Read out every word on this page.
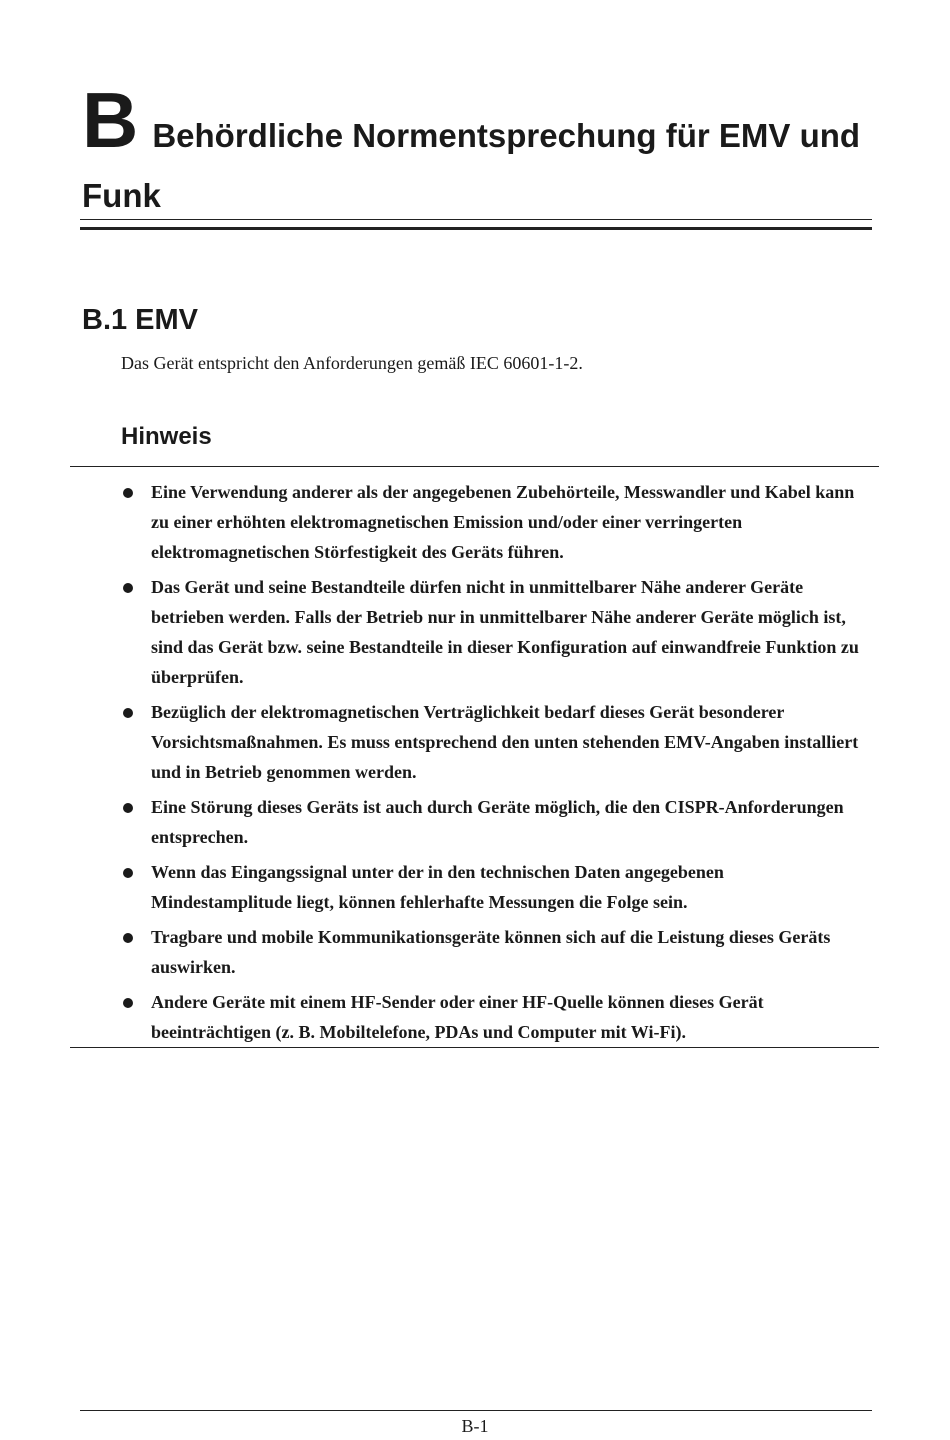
B Behördliche Normentsprechung für EMV und Funk
B.1 EMV

Das Gerät entspricht den Anforderungen gemäß IEC 60601-1-2.

Hinweis
Eine Verwendung anderer als der angegebenen Zubehörteile, Messwandler und Kabel kann zu einer erhöhten elektromagnetischen Emission und/oder einer verringerten elektromagnetischen Störfestigkeit des Geräts führen.
Das Gerät und seine Bestandteile dürfen nicht in unmittelbarer Nähe anderer Geräte betrieben werden. Falls der Betrieb nur in unmittelbarer Nähe anderer Geräte möglich ist, sind das Gerät bzw. seine Bestandteile in dieser Konfiguration auf einwandfreie Funktion zu überprüfen.
Bezüglich der elektromagnetischen Verträglichkeit bedarf dieses Gerät besonderer Vorsichtsmaßnahmen. Es muss entsprechend den unten stehenden EMV-Angaben installiert und in Betrieb genommen werden.
Eine Störung dieses Geräts ist auch durch Geräte möglich, die den CISPR-Anforderungen entsprechen.
Wenn das Eingangssignal unter der in den technischen Daten angegebenen Mindestamplitude liegt, können fehlerhafte Messungen die Folge sein.
Tragbare und mobile Kommunikationsgeräte können sich auf die Leistung dieses Geräts auswirken.
Andere Geräte mit einem HF-Sender oder einer HF-Quelle können dieses Gerät beeinträchtigen (z. B. Mobiltelefone, PDAs und Computer mit Wi-Fi).
B-1
